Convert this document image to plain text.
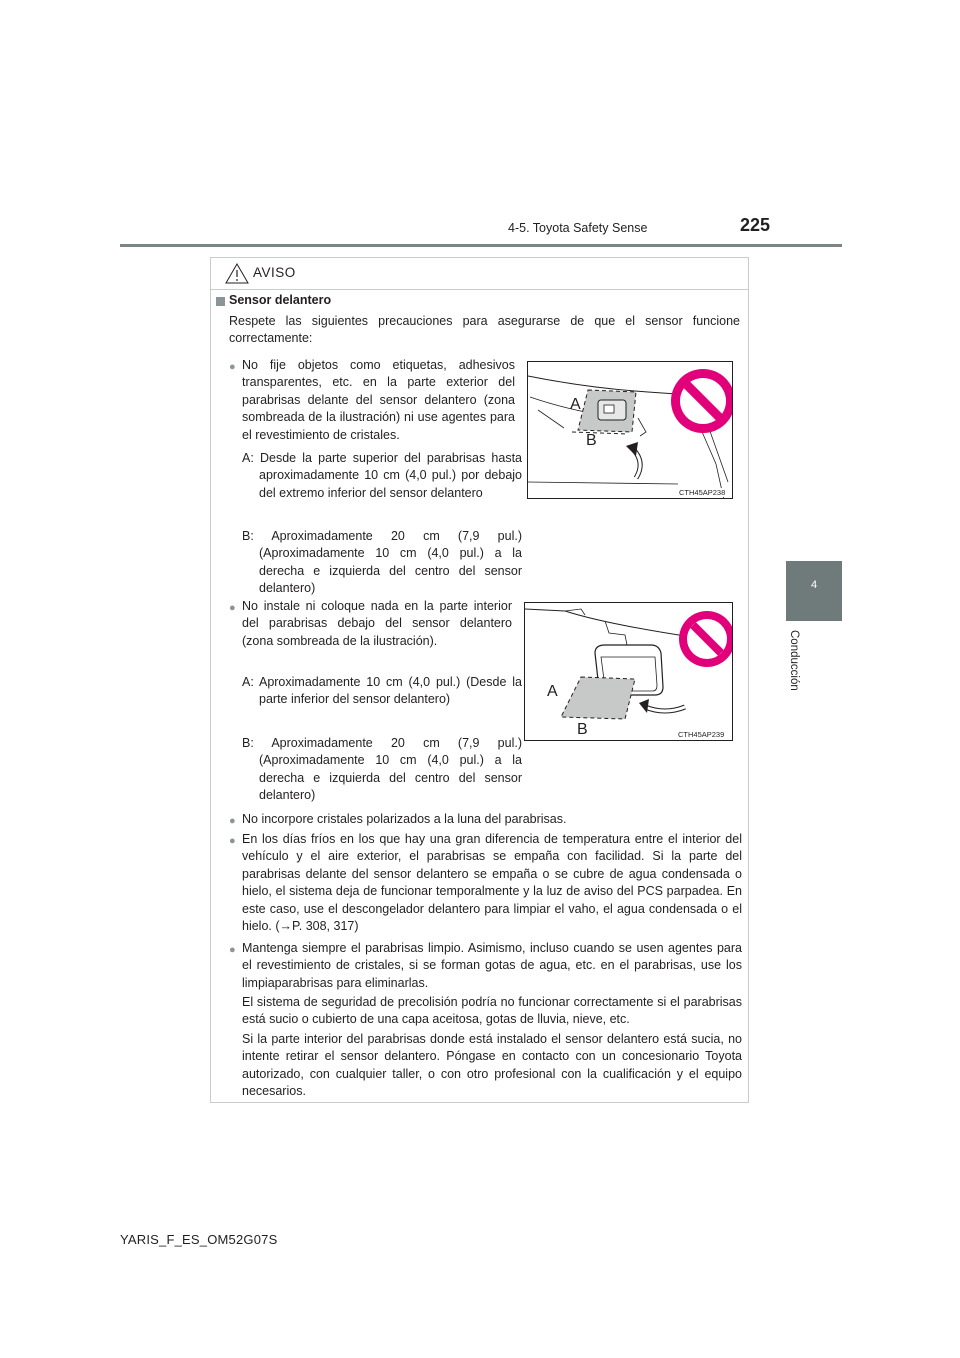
4-5. Toyota Safety Sense	225
4
Conducción
AVISO
Sensor delantero
Respete las siguientes precauciones para asegurarse de que el sensor funcione correctamente:
● No fije objetos como etiquetas, adhesivos transparentes, etc. en la parte exterior del parabrisas delante del sensor delantero (zona sombreada de la ilustración) ni use agentes para el revestimiento de cristales.
A: Desde la parte superior del parabrisas hasta aproximadamente 10 cm (4,0 pul.) por debajo del extremo inferior del sensor delantero
B: Aproximadamente 20 cm (7,9 pul.) (Aproximadamente 10 cm (4,0 pul.) a la derecha e izquierda del centro del sensor delantero)
CTH45AP238
A
B
● No instale ni coloque nada en la parte interior del parabrisas debajo del sensor delantero (zona sombreada de la ilustración).
A: Aproximadamente 10 cm (4,0 pul.) (Desde la parte inferior del sensor delantero)
B: Aproximadamente 20 cm (7,9 pul.) (Aproximadamente 10 cm (4,0 pul.) a la derecha e izquierda del centro del sensor delantero)
CTH45AP239
A
B
● No incorpore cristales polarizados a la luna del parabrisas.
● En los días fríos en los que hay una gran diferencia de temperatura entre el interior del vehículo y el aire exterior, el parabrisas se empaña con facilidad. Si la parte del parabrisas delante del sensor delantero se empaña o se cubre de agua condensada o hielo, el sistema deja de funcionar temporalmente y la luz de aviso del PCS parpadea. En este caso, use el descongelador delantero para limpiar el vaho, el agua condensada o el hielo. (→P. 308, 317)
● Mantenga siempre el parabrisas limpio. Asimismo, incluso cuando se usen agentes para el revestimiento de cristales, si se forman gotas de agua, etc. en el parabrisas, use los limpiaparabrisas para eliminarlas.
El sistema de seguridad de precolisión podría no funcionar correctamente si el parabrisas está sucio o cubierto de una capa aceitosa, gotas de lluvia, nieve, etc.
Si la parte interior del parabrisas donde está instalado el sensor delantero está sucia, no intente retirar el sensor delantero. Póngase en contacto con un concesionario Toyota autorizado, con cualquier taller, o con otro profesional con la cualificación y el equipo necesarios.
YARIS_F_ES_OM52G07S
